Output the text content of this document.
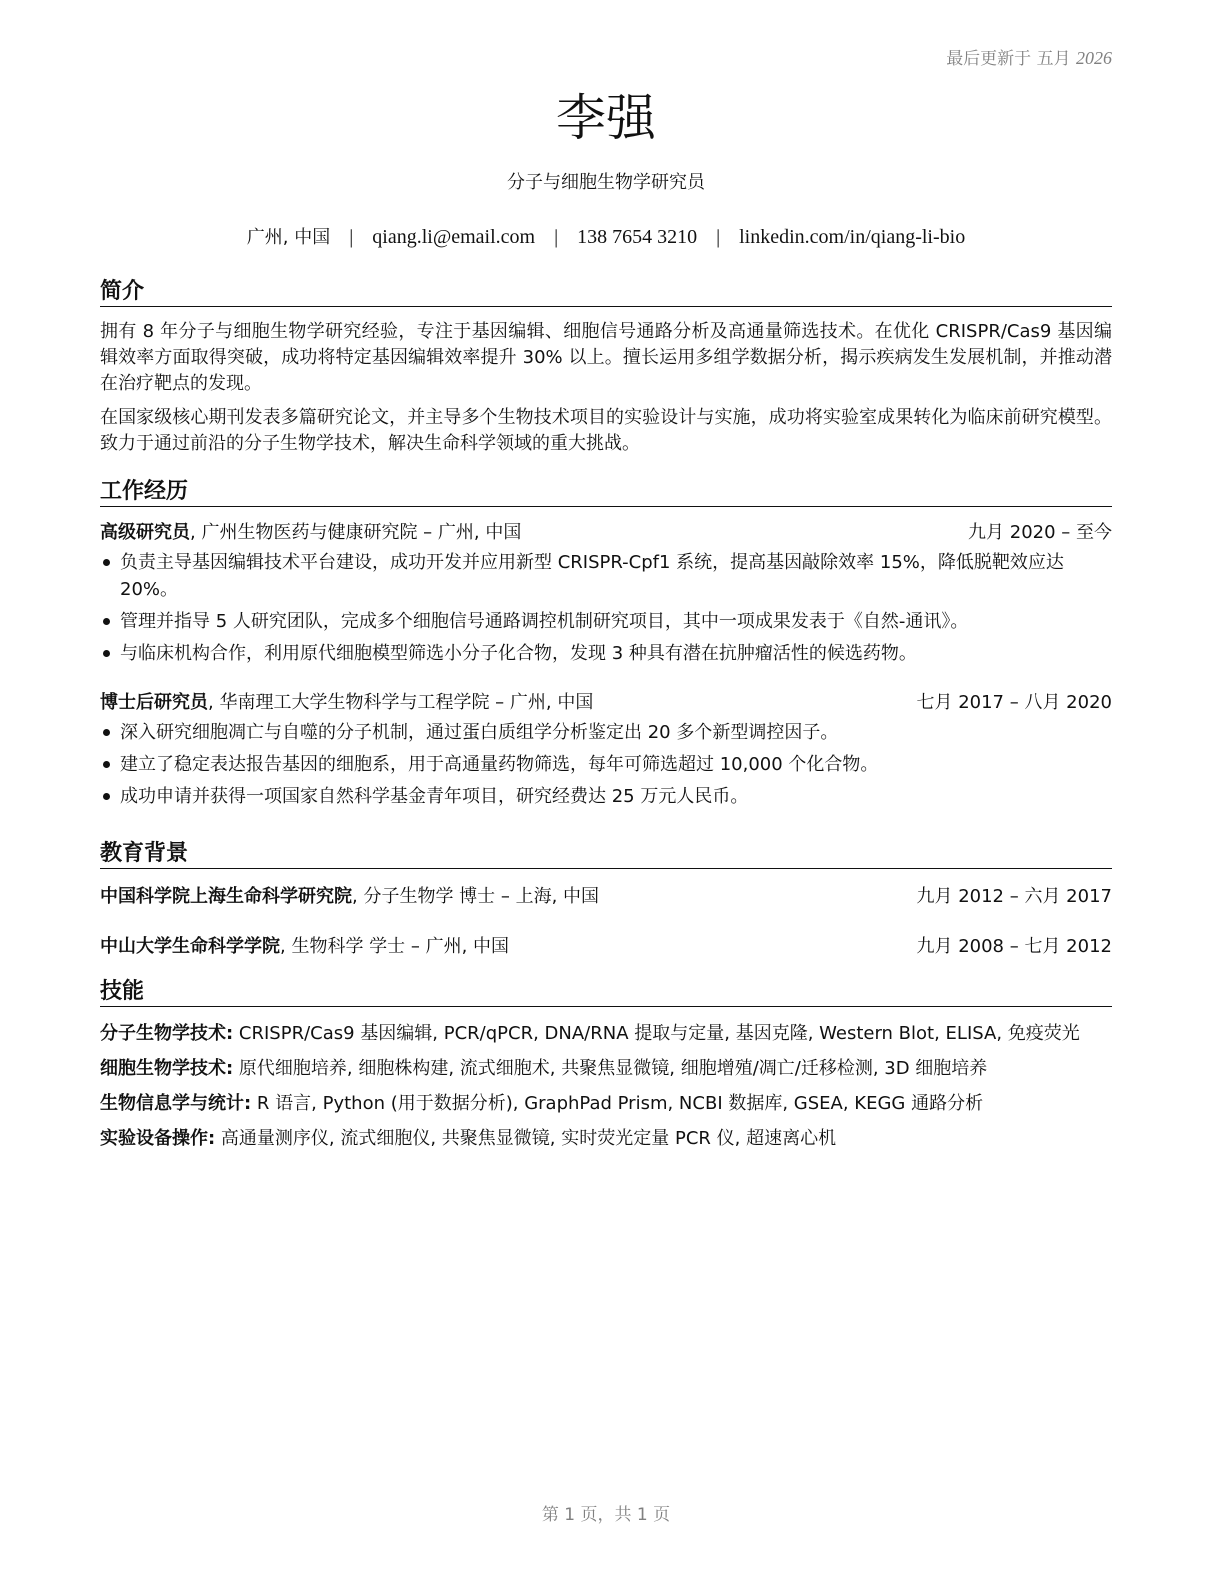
最后更新于 五月 2026
李强
分子与细胞生物学研究员
广州, 中国 | qiang.li@email.com | 138 7654 3210 | linkedin.com/in/qiang-li-bio
简介

拥有 8 年分子与细胞生物学研究经验，专注于基因编辑、细胞信号通路分析及高通量筛选技术。在优化 CRISPR/Cas9 基因编辑效率方面取得突破，成功将特定基因编辑效率提升 30% 以上。擅长运用多组学数据分析，揭示疾病发生发展机制，并推动潜在治疗靶点的发现。

在国家级核心期刊发表多篇研究论文，并主导多个生物技术项目的实验设计与实施，成功将实验室成果转化为临床前研究模型。致力于通过前沿的分子生物学技术，解决生命科学领域的重大挑战。

工作经历
高级研究员, 广州生物医药与健康研究院 – 广州, 中国	九月 2020 – 至今
负责主导基因编辑技术平台建设，成功开发并应用新型 CRISPR-Cpf1 系统，提高基因敲除效率 15%，降低脱靶效应达 20%。
管理并指导 5 人研究团队，完成多个细胞信号通路调控机制研究项目，其中一项成果发表于《自然-通讯》。
与临床机构合作，利用原代细胞模型筛选小分子化合物，发现 3 种具有潜在抗肿瘤活性的候选药物。
博士后研究员, 华南理工大学生物科学与工程学院 – 广州, 中国	七月 2017 – 八月 2020
深入研究细胞凋亡与自噬的分子机制，通过蛋白质组学分析鉴定出 20 多个新型调控因子。
建立了稳定表达报告基因的细胞系，用于高通量药物筛选，每年可筛选超过 10,000 个化合物。
成功申请并获得一项国家自然科学基金青年项目，研究经费达 25 万元人民币。
教育背景
中国科学院上海生命科学研究院, 分子生物学 博士 – 上海, 中国	九月 2012 – 六月 2017
中山大学生命科学学院, 生物科学 学士 – 广州, 中国	九月 2008 – 七月 2012
技能
分子生物学技术: CRISPR/Cas9 基因编辑, PCR/qPCR, DNA/RNA 提取与定量, 基因克隆, Western Blot, ELISA, 免疫荧光
细胞生物学技术: 原代细胞培养, 细胞株构建, 流式细胞术, 共聚焦显微镜, 细胞增殖/凋亡/迁移检测, 3D 细胞培养
生物信息学与统计: R 语言, Python (用于数据分析), GraphPad Prism, NCBI 数据库, GSEA, KEGG 通路分析
实验设备操作: 高通量测序仪, 流式细胞仪, 共聚焦显微镜, 实时荧光定量 PCR 仪, 超速离心机
第 1 页，共 1 页
